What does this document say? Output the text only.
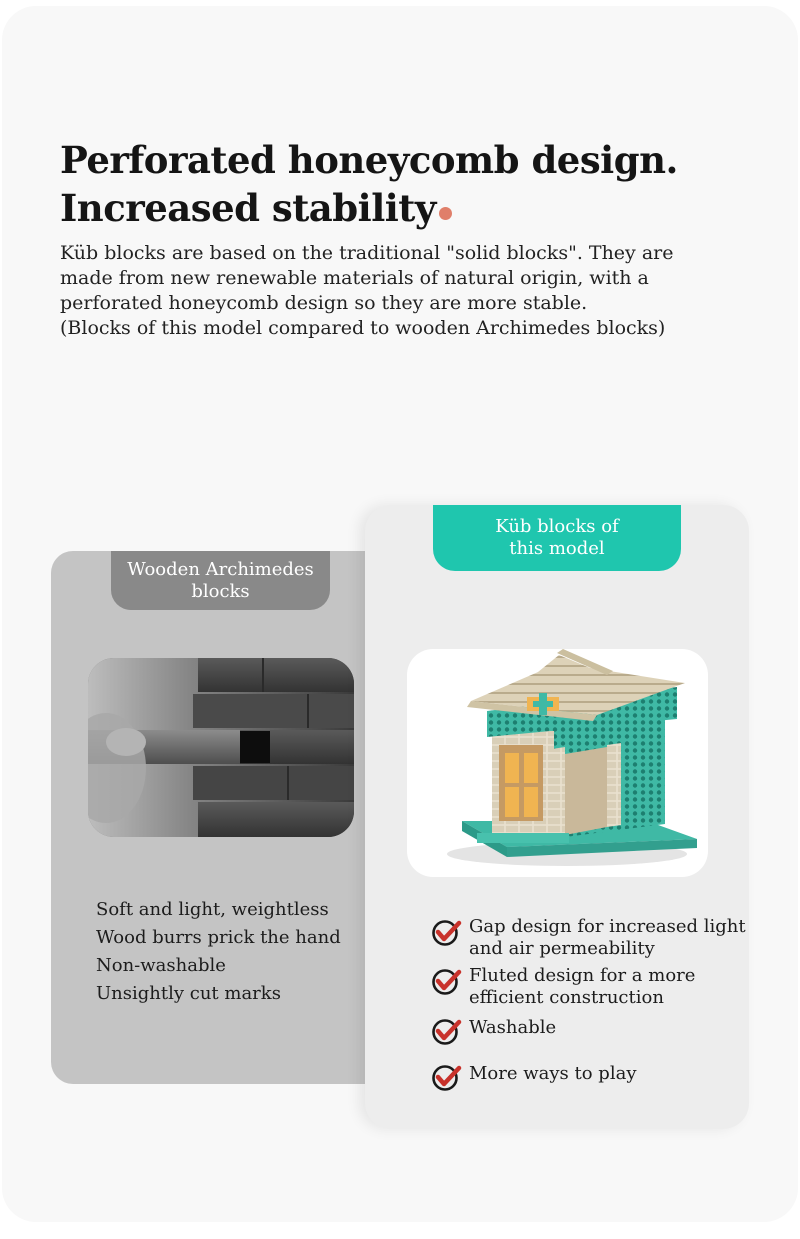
Perforated honeycomb design.
Increased stability

Küb blocks are based on the traditional "solid blocks". They are

made from new renewable materials of natural origin, with a

perforated honeycomb design so they are more stable.

(Blocks of this model compared to wooden Archimedes blocks)

Wooden Archimedes
blocks
Soft and light, weightless
Wood burrs prick the hand
Non-washable
Unsightly cut marks
Küb blocks of
this model
Gap design for increased light
and air permeability
Fluted design for a more
efficient construction
Washable
More ways to play
